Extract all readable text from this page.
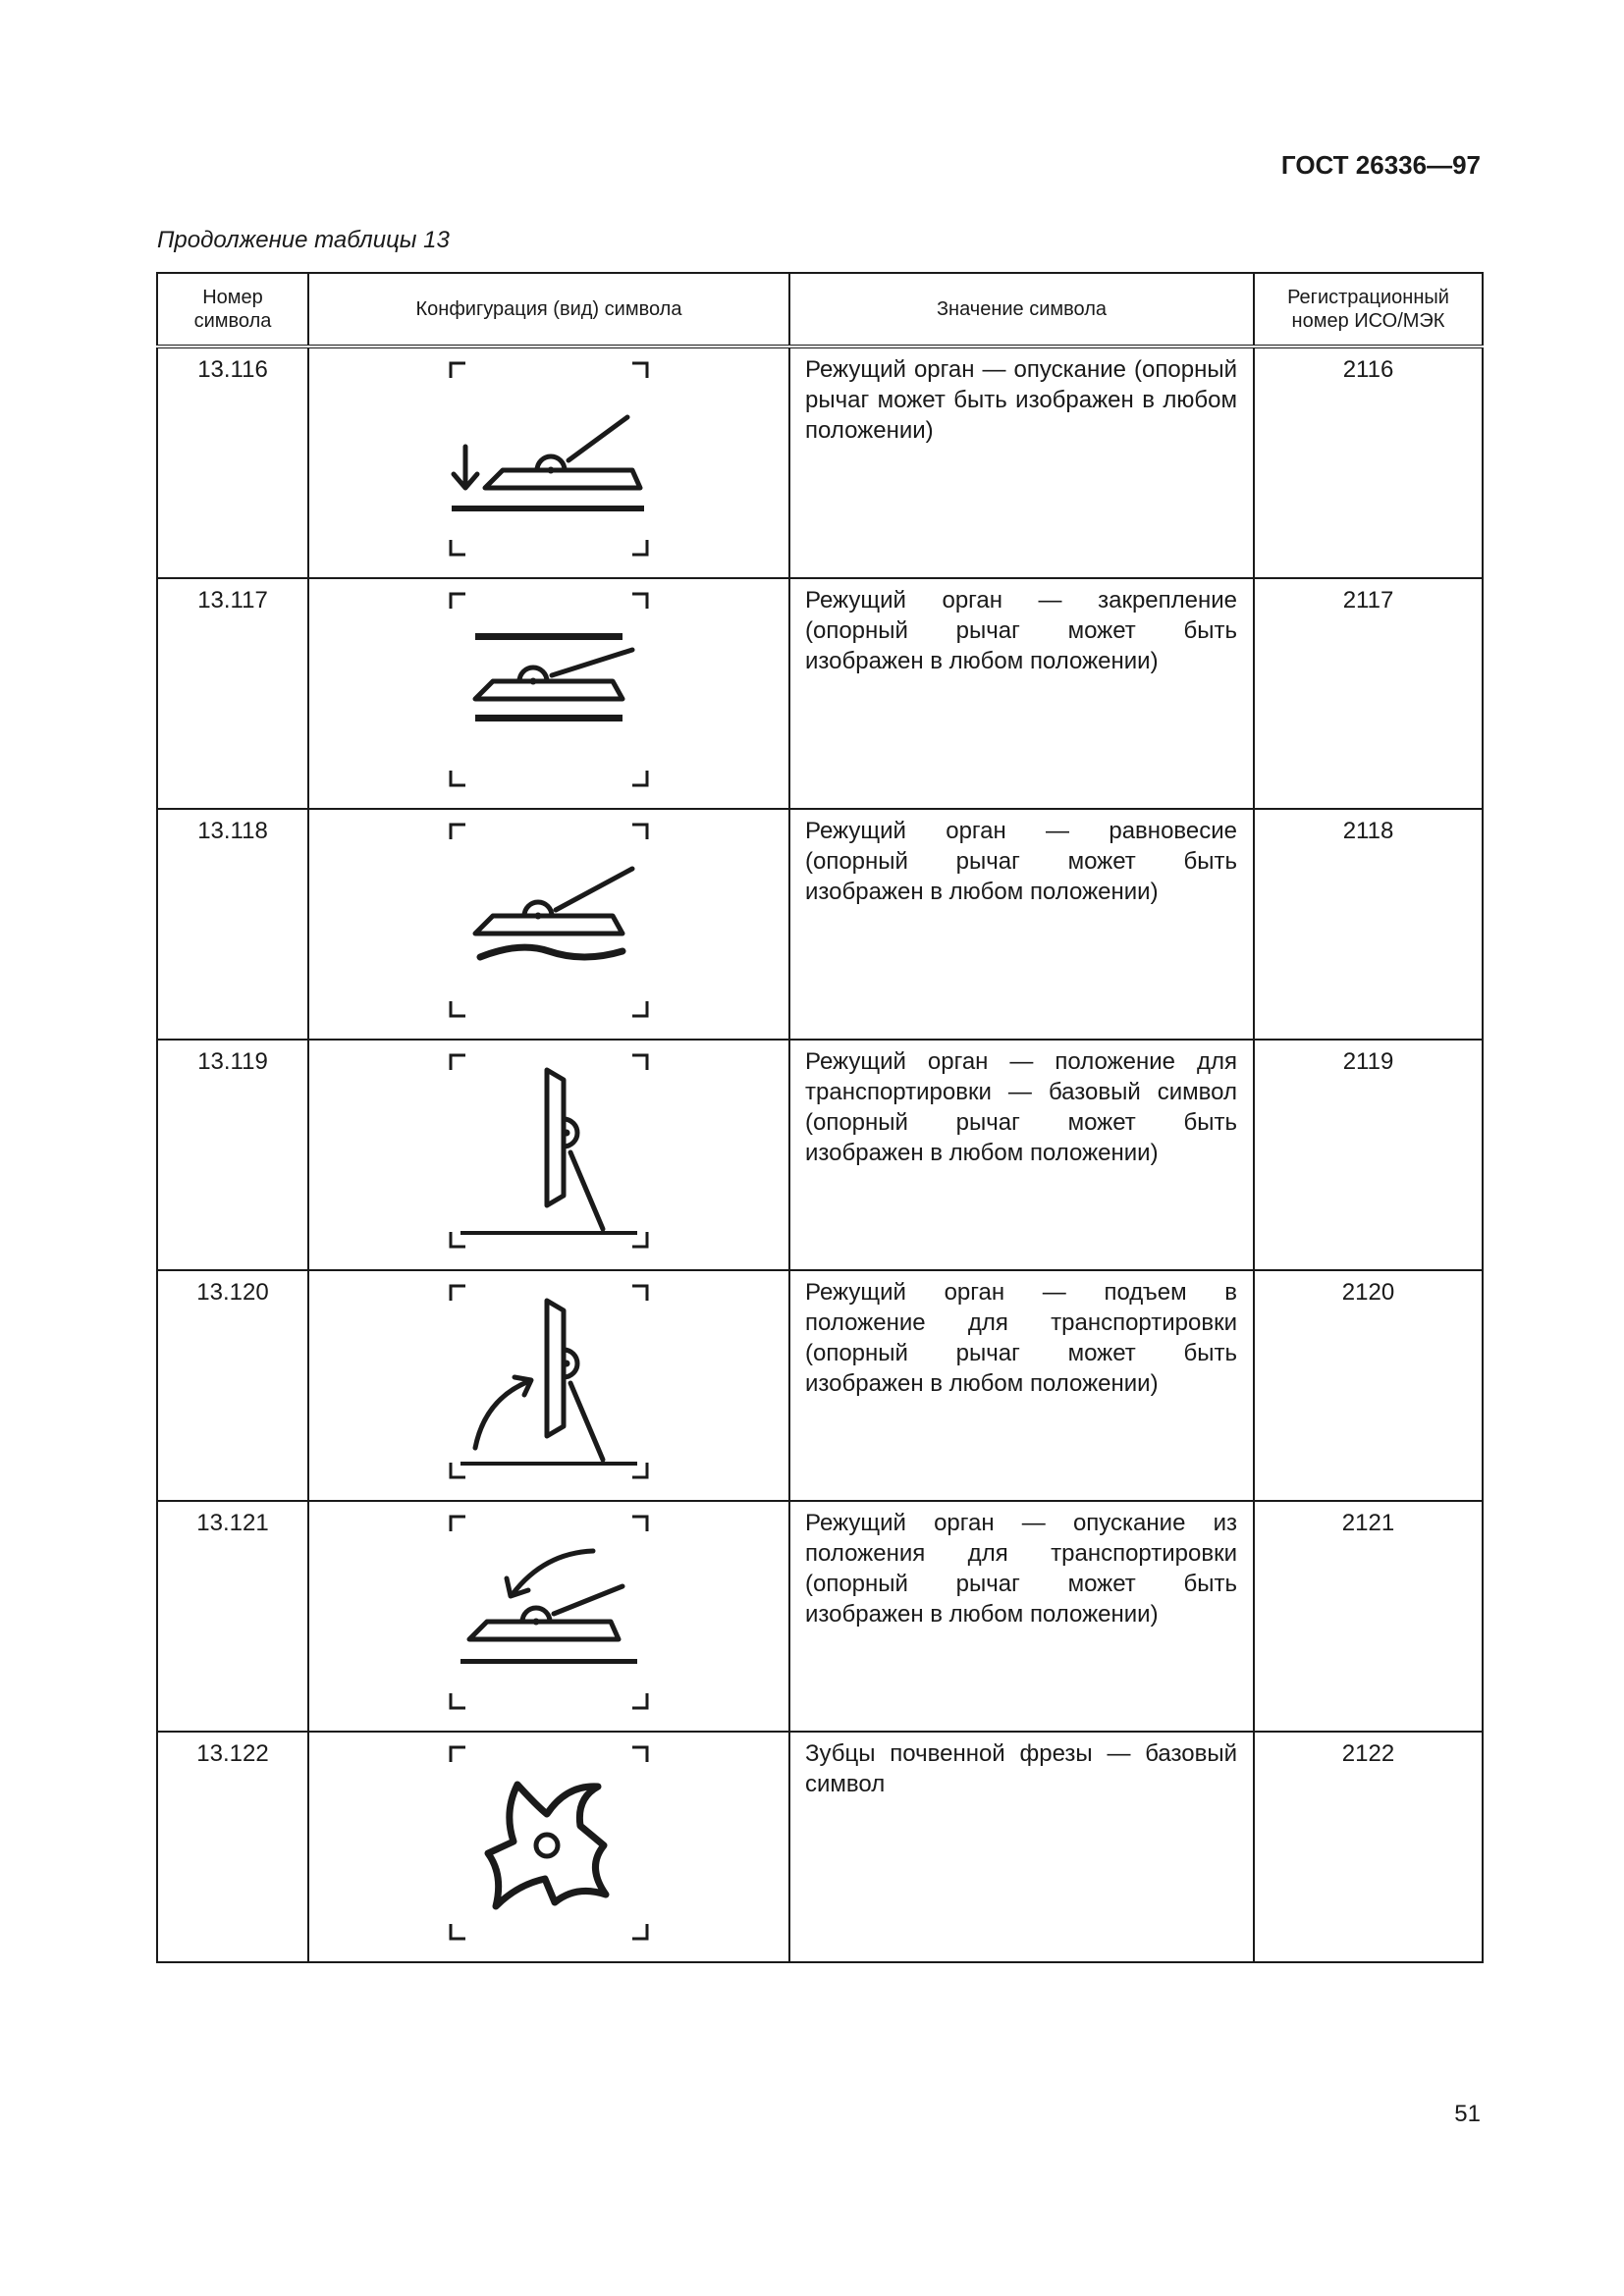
ГОСТ 26336—97
Продолжение таблицы 13
Номер символа	Конфигурация (вид) символа	Значение символа	Регистрационный номер ИСО/МЭК

13.116		Режущий орган — опускание (опорный рычаг может быть изображен в любом положении)	2116
13.117		Режущий орган — закрепление (опорный рычаг может быть изображен в любом положении)	2117
13.118		Режущий орган — равновесие (опорный рычаг может быть изображен в любом положении)	2118
13.119		Режущий орган — положение для транспортировки — базовый символ (опорный рычаг может быть изображен в любом положении)	2119
13.120		Режущий орган — подъем в положение для транспортировки (опорный рычаг может быть изображен в любом положении)	2120
13.121		Режущий орган — опускание из положения для транспортировки (опорный рычаг может быть изображен в любом положении)	2121
13.122		Зубцы почвенной фрезы — базовый символ	2122
51
